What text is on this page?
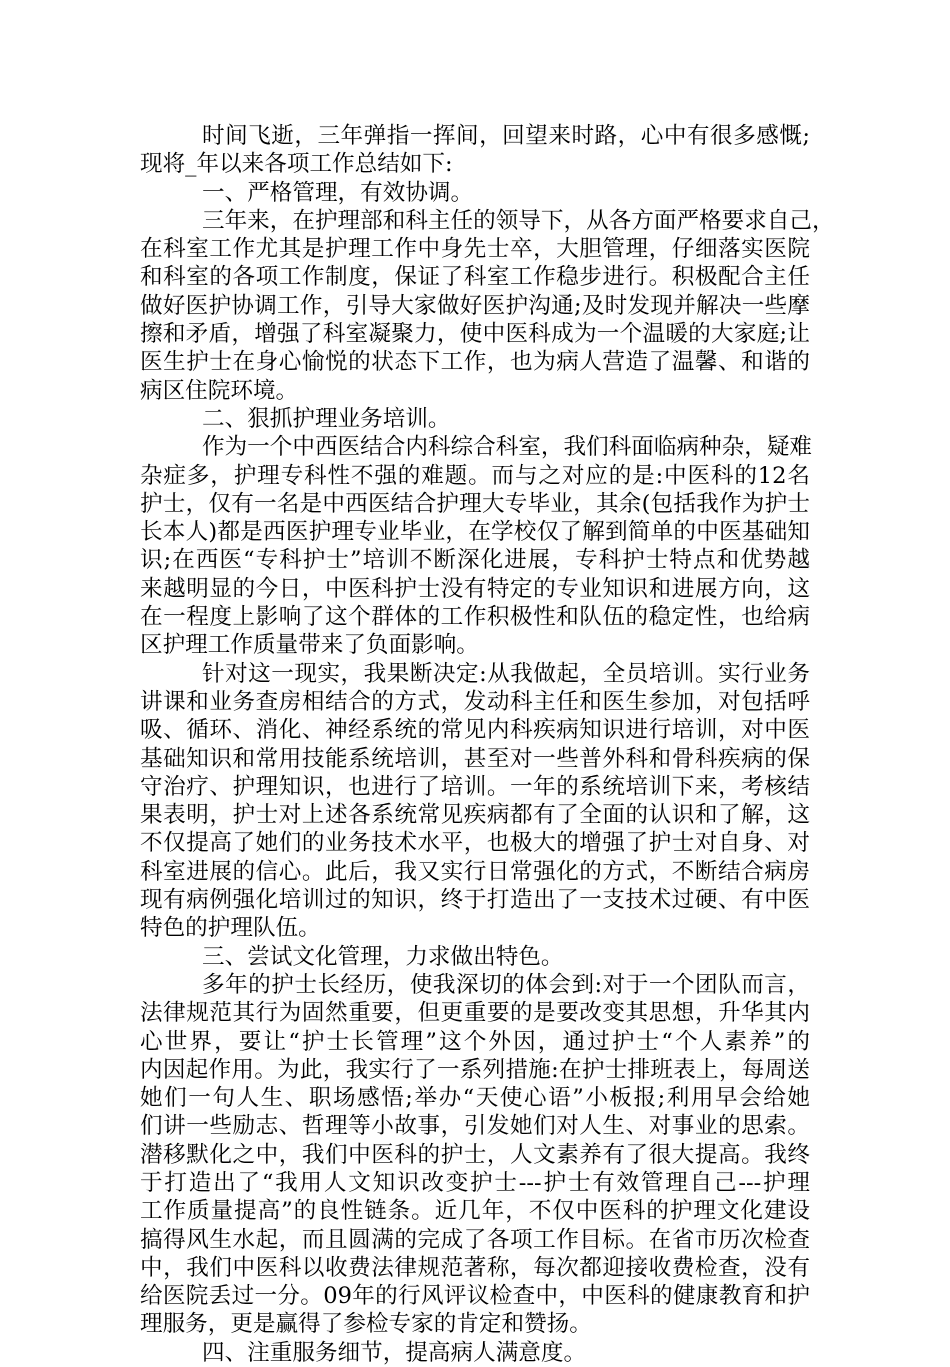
时间飞逝，三年弹指一挥间，回望来时路，心中有很多感慨;
现将_年以来各项工作总结如下:
一、严格管理，有效协调。
三年来，在护理部和科主任的领导下，从各方面严格要求自己，
在科室工作尤其是护理工作中身先士卒，大胆管理，仔细落实医院
和科室的各项工作制度，保证了科室工作稳步进行。积极配合主任
做好医护协调工作，引导大家做好医护沟通;及时发现并解决一些摩
擦和矛盾，增强了科室凝聚力，使中医科成为一个温暖的大家庭;让
医生护士在身心愉悦的状态下工作，也为病人营造了温馨、和谐的
病区住院环境。
二、狠抓护理业务培训。
作为一个中西医结合内科综合科室，我们科面临病种杂，疑难
杂症多，护理专科性不强的难题。而与之对应的是:中医科的12名
护士，仅有一名是中西医结合护理大专毕业，其余(包括我作为护士
长本人)都是西医护理专业毕业，在学校仅了解到简单的中医基础知
识;在西医“专科护士”培训不断深化进展，专科护士特点和优势越
来越明显的今日，中医科护士没有特定的专业知识和进展方向，这
在一程度上影响了这个群体的工作积极性和队伍的稳定性，也给病
区护理工作质量带来了负面影响。
针对这一现实，我果断决定:从我做起，全员培训。实行业务
讲课和业务查房相结合的方式，发动科主任和医生参加，对包括呼
吸、循环、消化、神经系统的常见内科疾病知识进行培训，对中医
基础知识和常用技能系统培训，甚至对一些普外科和骨科疾病的保
守治疗、护理知识，也进行了培训。一年的系统培训下来，考核结
果表明，护士对上述各系统常见疾病都有了全面的认识和了解，这
不仅提高了她们的业务技术水平，也极大的增强了护士对自身、对
科室进展的信心。此后，我又实行日常强化的方式，不断结合病房
现有病例强化培训过的知识，终于打造出了一支技术过硬、有中医
特色的护理队伍。
三、尝试文化管理，力求做出特色。
多年的护士长经历，使我深切的体会到:对于一个团队而言，
法律规范其行为固然重要，但更重要的是要改变其思想，升华其内
心世界，要让“护士长管理”这个外因，通过护士“个人素养”的
内因起作用。为此，我实行了一系列措施:在护士排班表上，每周送
她们一句人生、职场感悟;举办“天使心语”小板报;利用早会给她
们讲一些励志、哲理等小故事，引发她们对人生、对事业的思索。
潜移默化之中，我们中医科的护士，人文素养有了很大提高。我终
于打造出了“我用人文知识改变护士---护士有效管理自己---护理
工作质量提高”的良性链条。近几年，不仅中医科的护理文化建设
搞得风生水起，而且圆满的完成了各项工作目标。在省市历次检查
中，我们中医科以收费法律规范著称，每次都迎接收费检查，没有
给医院丢过一分。09年的行风评议检查中，中医科的健康教育和护
理服务，更是赢得了参检专家的肯定和赞扬。
四、注重服务细节，提高病人满意度。
